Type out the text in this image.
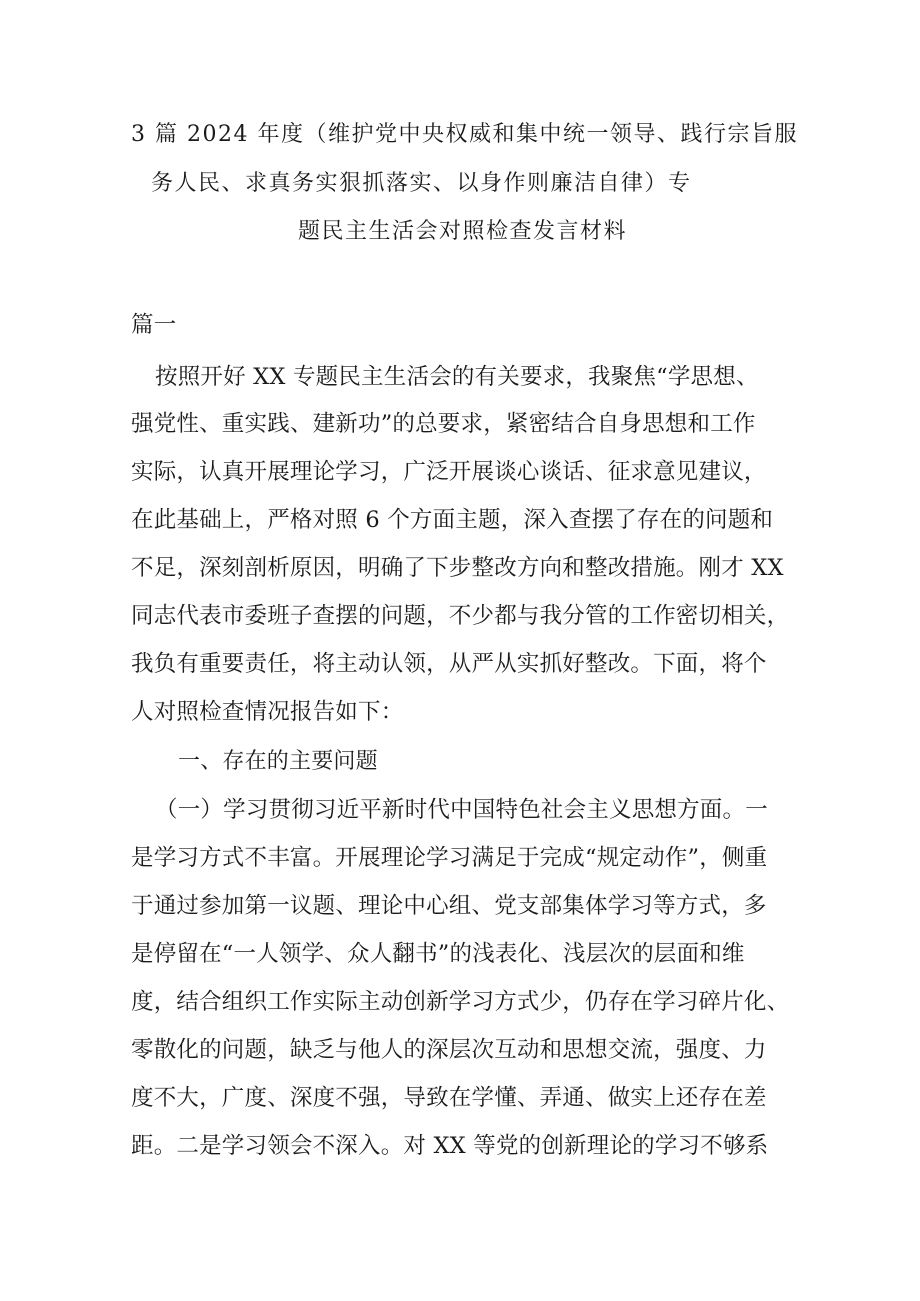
3 篇 2024 年度（维护党中央权威和集中统一领导、践行宗旨服
务人民、求真务实狠抓落实、以身作则廉洁自律）专
题民主生活会对照检查发言材料
篇一
按照开好 XX 专题民主生活会的有关要求，我聚焦“学思想、
强党性、重实践、建新功”的总要求，紧密结合自身思想和工作
实际，认真开展理论学习，广泛开展谈心谈话、征求意见建议，
在此基础上，严格对照 6 个方面主题，深入查摆了存在的问题和
不足，深刻剖析原因，明确了下步整改方向和整改措施。刚才 XX
同志代表市委班子查摆的问题，不少都与我分管的工作密切相关，
我负有重要责任，将主动认领，从严从实抓好整改。下面，将个
人对照检查情况报告如下：
一、存在的主要问题
（一）学习贯彻习近平新时代中国特色社会主义思想方面。一
是学习方式不丰富。开展理论学习满足于完成“规定动作”，侧重
于通过参加第一议题、理论中心组、党支部集体学习等方式，多
是停留在“一人领学、众人翻书”的浅表化、浅层次的层面和维
度，结合组织工作实际主动创新学习方式少，仍存在学习碎片化、
零散化的问题，缺乏与他人的深层次互动和思想交流，强度、力
度不大，广度、深度不强，导致在学懂、弄通、做实上还存在差
距。二是学习领会不深入。对 XX 等党的创新理论的学习不够系
